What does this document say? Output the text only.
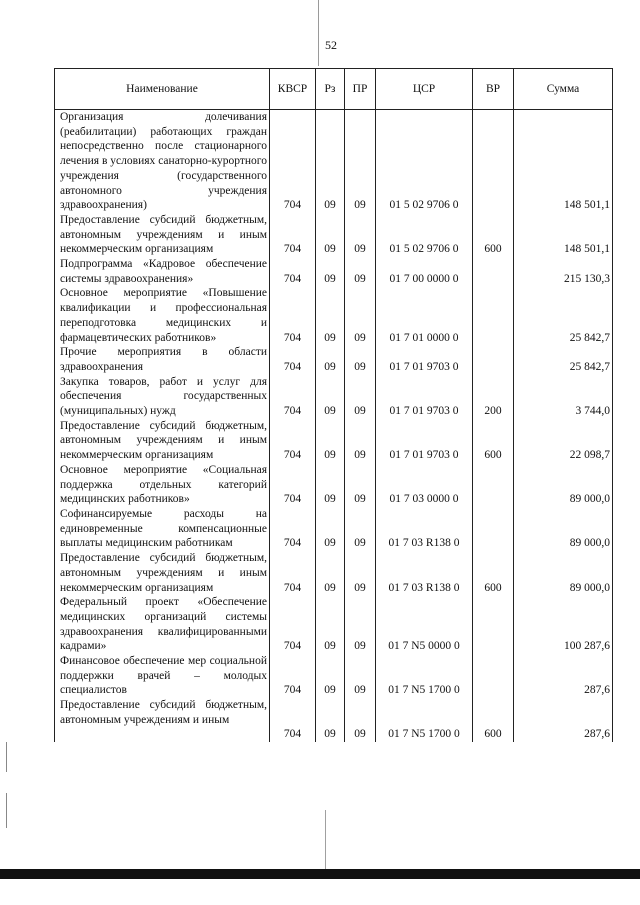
52
Наименование	КВСР	Рз	ПР	ЦСР	ВР	Сумма
Организация долечивания (реабилитации) работающих граждан непосредственно после стационарного лечения в условиях санаторно-курортного учреждения (государственного автономного учреждения здравоохранения)	704	09	09	01 5 02 9706 0		148 501,1
Предоставление субсидий бюджетным, автономным учреждениям и иным некоммерческим организациям	704	09	09	01 5 02 9706 0	600	148 501,1
Подпрограмма «Кадровое обеспечение системы здравоохранения»	704	09	09	01 7 00 0000 0		215 130,3
Основное мероприятие «Повышение квалификации и профессиональная переподготовка медицинских и фармацевтических работников»	704	09	09	01 7 01 0000 0		25 842,7
Прочие мероприятия в области здравоохранения	704	09	09	01 7 01 9703 0		25 842,7
Закупка товаров, работ и услуг для обеспечения государственных (муниципальных) нужд	704	09	09	01 7 01 9703 0	200	3 744,0
Предоставление субсидий бюджетным, автономным учреждениям и иным некоммерческим организациям	704	09	09	01 7 01 9703 0	600	22 098,7
Основное мероприятие «Социальная поддержка отдельных категорий медицинских работников»	704	09	09	01 7 03 0000 0		89 000,0
Софинансируемые расходы на единовременные компенсационные выплаты медицинским работникам	704	09	09	01 7 03 R138 0		89 000,0
Предоставление субсидий бюджетным, автономным учреждениям и иным некоммерческим организациям	704	09	09	01 7 03 R138 0	600	89 000,0
Федеральный проект «Обеспечение медицинских организаций системы здравоохранения квалифицированными кадрами»	704	09	09	01 7 N5 0000 0		100 287,6
Финансовое обеспечение мер социальной поддержки врачей – молодых специалистов	704	09	09	01 7 N5 1700 0		287,6
Предоставление субсидий бюджетным, автономным учреждениям и иным	704	09	09	01 7 N5 1700 0	600	287,6
